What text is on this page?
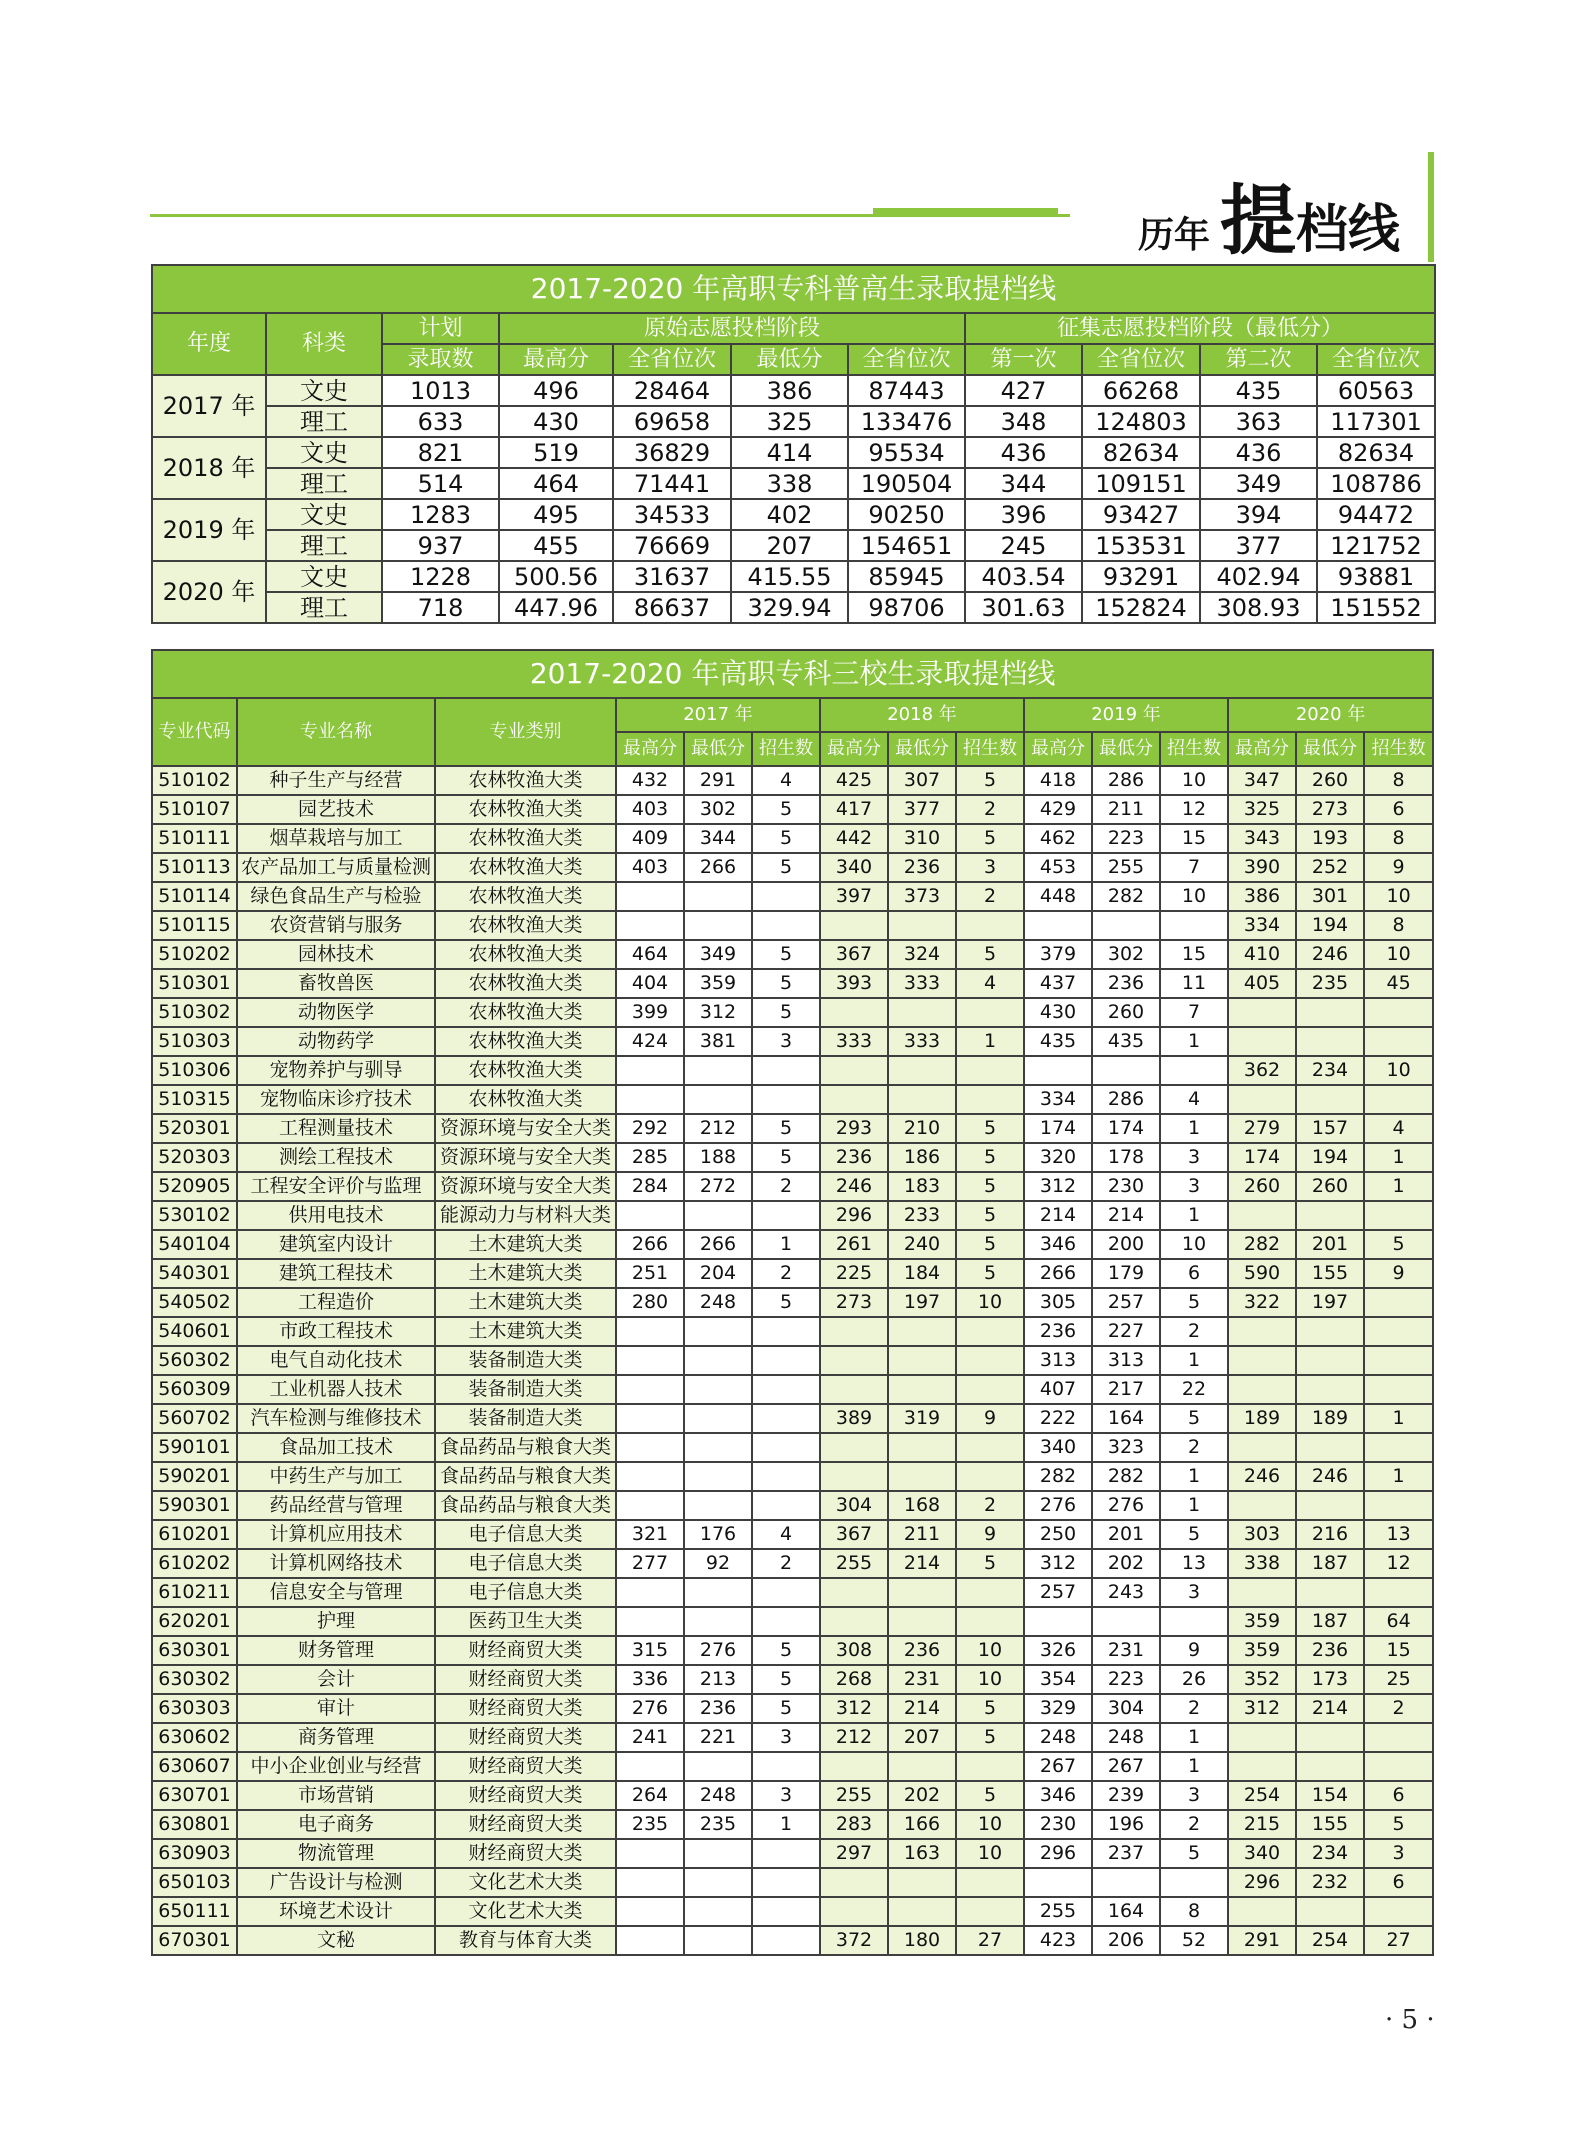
历年 提档线
2017-2020 年高职专科普高生录取提档线										
年度	科类	计划	原始志愿投档阶段				征集志愿投档阶段（最低分）			
		录取数	最高分	全省位次	最低分	全省位次	第一次	全省位次	第二次	全省位次
2017 年	文史	1013	496	28464	386	87443	427	66268	435	60563
	理工	633	430	69658	325	133476	348	124803	363	117301
2018 年	文史	821	519	36829	414	95534	436	82634	436	82634
	理工	514	464	71441	338	190504	344	109151	349	108786
2019 年	文史	1283	495	34533	402	90250	396	93427	394	94472
	理工	937	455	76669	207	154651	245	153531	377	121752
2020 年	文史	1228	500.56	31637	415.55	85945	403.54	93291	402.94	93881
	理工	718	447.96	86637	329.94	98706	301.63	152824	308.93	151552
2017-2020 年高职专科三校生录取提档线														
专业代码	专业名称	专业类别	2017 年			2018 年			2019 年			2020 年		
			最高分	最低分	招生数	最高分	最低分	招生数	最高分	最低分	招生数	最高分	最低分	招生数
510102	种子生产与经营	农林牧渔大类	432	291	4	425	307	5	418	286	10	347	260	8
510107	园艺技术	农林牧渔大类	403	302	5	417	377	2	429	211	12	325	273	6
510111	烟草栽培与加工	农林牧渔大类	409	344	5	442	310	5	462	223	15	343	193	8
510113	农产品加工与质量检测	农林牧渔大类	403	266	5	340	236	3	453	255	7	390	252	9
510114	绿色食品生产与检验	农林牧渔大类				397	373	2	448	282	10	386	301	10
510115	农资营销与服务	农林牧渔大类										334	194	8
510202	园林技术	农林牧渔大类	464	349	5	367	324	5	379	302	15	410	246	10
510301	畜牧兽医	农林牧渔大类	404	359	5	393	333	4	437	236	11	405	235	45
510302	动物医学	农林牧渔大类	399	312	5				430	260	7			
510303	动物药学	农林牧渔大类	424	381	3	333	333	1	435	435	1			
510306	宠物养护与驯导	农林牧渔大类										362	234	10
510315	宠物临床诊疗技术	农林牧渔大类							334	286	4			
520301	工程测量技术	资源环境与安全大类	292	212	5	293	210	5	174	174	1	279	157	4
520303	测绘工程技术	资源环境与安全大类	285	188	5	236	186	5	320	178	3	174	194	1
520905	工程安全评价与监理	资源环境与安全大类	284	272	2	246	183	5	312	230	3	260	260	1
530102	供用电技术	能源动力与材料大类				296	233	5	214	214	1			
540104	建筑室内设计	土木建筑大类	266	266	1	261	240	5	346	200	10	282	201	5
540301	建筑工程技术	土木建筑大类	251	204	2	225	184	5	266	179	6	590	155	9
540502	工程造价	土木建筑大类	280	248	5	273	197	10	305	257	5	322	197	
540601	市政工程技术	土木建筑大类							236	227	2			
560302	电气自动化技术	装备制造大类							313	313	1			
560309	工业机器人技术	装备制造大类							407	217	22			
560702	汽车检测与维修技术	装备制造大类				389	319	9	222	164	5	189	189	1
590101	食品加工技术	食品药品与粮食大类							340	323	2			
590201	中药生产与加工	食品药品与粮食大类							282	282	1	246	246	1
590301	药品经营与管理	食品药品与粮食大类				304	168	2	276	276	1			
610201	计算机应用技术	电子信息大类	321	176	4	367	211	9	250	201	5	303	216	13
610202	计算机网络技术	电子信息大类	277	92	2	255	214	5	312	202	13	338	187	12
610211	信息安全与管理	电子信息大类							257	243	3			
620201	护理	医药卫生大类										359	187	64
630301	财务管理	财经商贸大类	315	276	5	308	236	10	326	231	9	359	236	15
630302	会计	财经商贸大类	336	213	5	268	231	10	354	223	26	352	173	25
630303	审计	财经商贸大类	276	236	5	312	214	5	329	304	2	312	214	2
630602	商务管理	财经商贸大类	241	221	3	212	207	5	248	248	1			
630607	中小企业创业与经营	财经商贸大类							267	267	1			
630701	市场营销	财经商贸大类	264	248	3	255	202	5	346	239	3	254	154	6
630801	电子商务	财经商贸大类	235	235	1	283	166	10	230	196	2	215	155	5
630903	物流管理	财经商贸大类				297	163	10	296	237	5	340	234	3
650103	广告设计与检测	文化艺术大类										296	232	6
650111	环境艺术设计	文化艺术大类							255	164	8			
670301	文秘	教育与体育大类				372	180	27	423	206	52	291	254	27
· 5 ·
